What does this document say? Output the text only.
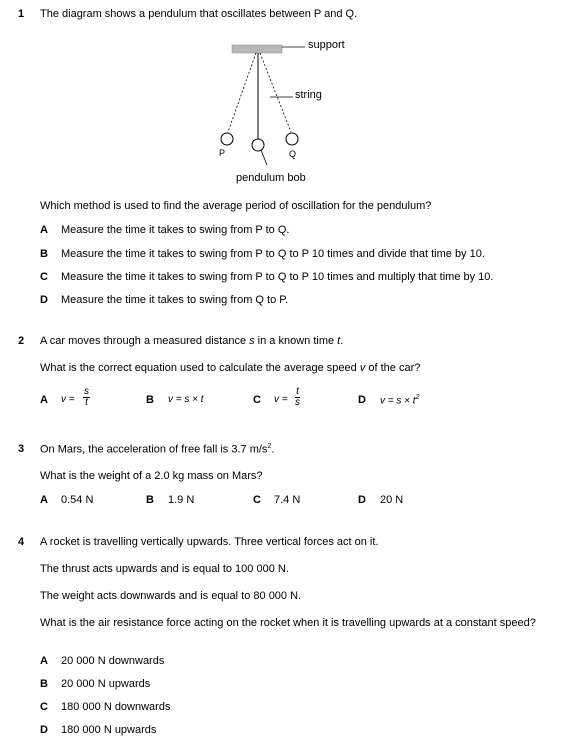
1 The diagram shows a pendulum that oscillates between P and Q.
support
string
P	Q
pendulum bob
Which method is used to find the average period of oscillation for the pendulum?
A Measure the time it takes to swing from P to Q.
B Measure the time it takes to swing from P to Q to P 10 times and divide that time by 10.
C Measure the time it takes to swing from P to Q to P 10 times and multiply that time by 10.
D Measure the time it takes to swing from Q to P.
2 A car moves through a measured distance s in a known time t.
What is the correct equation used to calculate the average speed v of the car?
A $v = \frac{s}{t}$	B v = s × t	C $v = \frac{t}{s}$	D $v = s \times t^2$
3 On Mars, the acceleration of free fall is 3.7 $m/s^2$.
What is the weight of a 2.0 kg mass on Mars?
A 0.54 N	B 1.9 N	C 7.4 N	D 20 N
4 A rocket is travelling vertically upwards. Three vertical forces act on it.
The thrust acts upwards and is equal to 100 000 N.
The weight acts downwards and is equal to 80 000 N.
What is the air resistance force acting on the rocket when it is travelling upwards at a constant speed?
A 20 000 N downwards
B 20 000 N upwards
C 180 000 N downwards
D 180 000 N upwards
